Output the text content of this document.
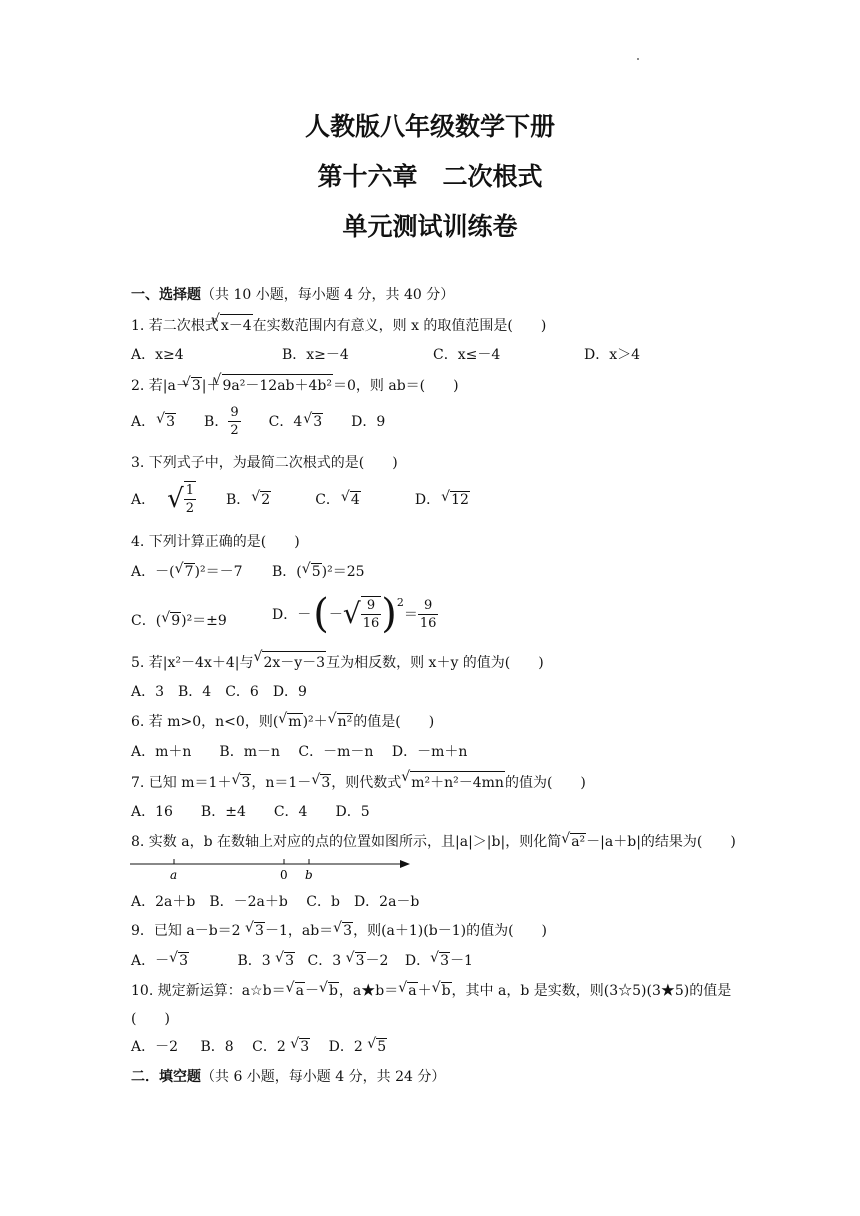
人教版八年级数学下册
第十六章　二次根式
单元测试训练卷
一、选择题（共 10 小题，每小题 4 分，共 40 分）
1. 若二次根式 √ x－4在实数范围内有意义，则 x 的取值范围是(　　)
A．x≥4	B．x≥－4	C．x≤－4	D．x＞4
2. 若|a－ √ 3|＋ √ 9a²－12ab＋4b²＝0，则 ab＝(　　)
A． √ 3 B． $\frac{9}{2}$ C．4 √ 3 D．9
3. 下列式子中，为最简二次根式的是(　　)
A． √ $\frac{1}{2}$ B． √ 2	C． √ 4	D． √ 12
4. 下列计算正确的是(　　)
A．－( √ 7)²＝－7 B．( √ 5)²＝25
C．( √ 9)²＝±9	D．－ ( － √ $\frac{9}{16}$ ) 2
＝ $\frac{9}{16}$
5. 若|x²－4x＋4|与 √ 2x－y－3互为相反数，则 x＋y 的值为(　　)
A．3　B．4　C．6　D．9
6. 若 m>0，n<0，则( √ m)²＋ √ n²的值是(　　)
A．m＋n　　B．m－n　 C．－m－n　 D．－m＋n
7. 已知 m＝1＋ √ 3，n＝1－ √ 3，则代数式 √ m²＋n²－4mn的值为(　　)
A．16　　B．±4　　C．4　　D．5
8. 实数 a，b 在数轴上对应的点的位置如图所示，且|a|＞|b|，则化简 √ a²－|a＋b|的结果为(　　)
a	0 b
A．2a＋b　B．－2a＋b　 C．b　D．2a－b
9．已知 a－b＝2 √ 3－1，ab＝ √ 3，则(a＋1)(b－1)的值为(　　)
A．－ √ 3	B．3 √ 3 C．3 √ 3－2 D． √ 3－1
10. 规定新运算：a☆b＝ √ a－ √ b，a★b＝ √ a＋ √ b，其中 a，b 是实数，则(3☆5)(3★5)的值是
(　　)
A．－2 B．8 C．2 √ 3 D．2 √ 5
二．填空题（共 6 小题，每小题 4 分，共 24 分）
